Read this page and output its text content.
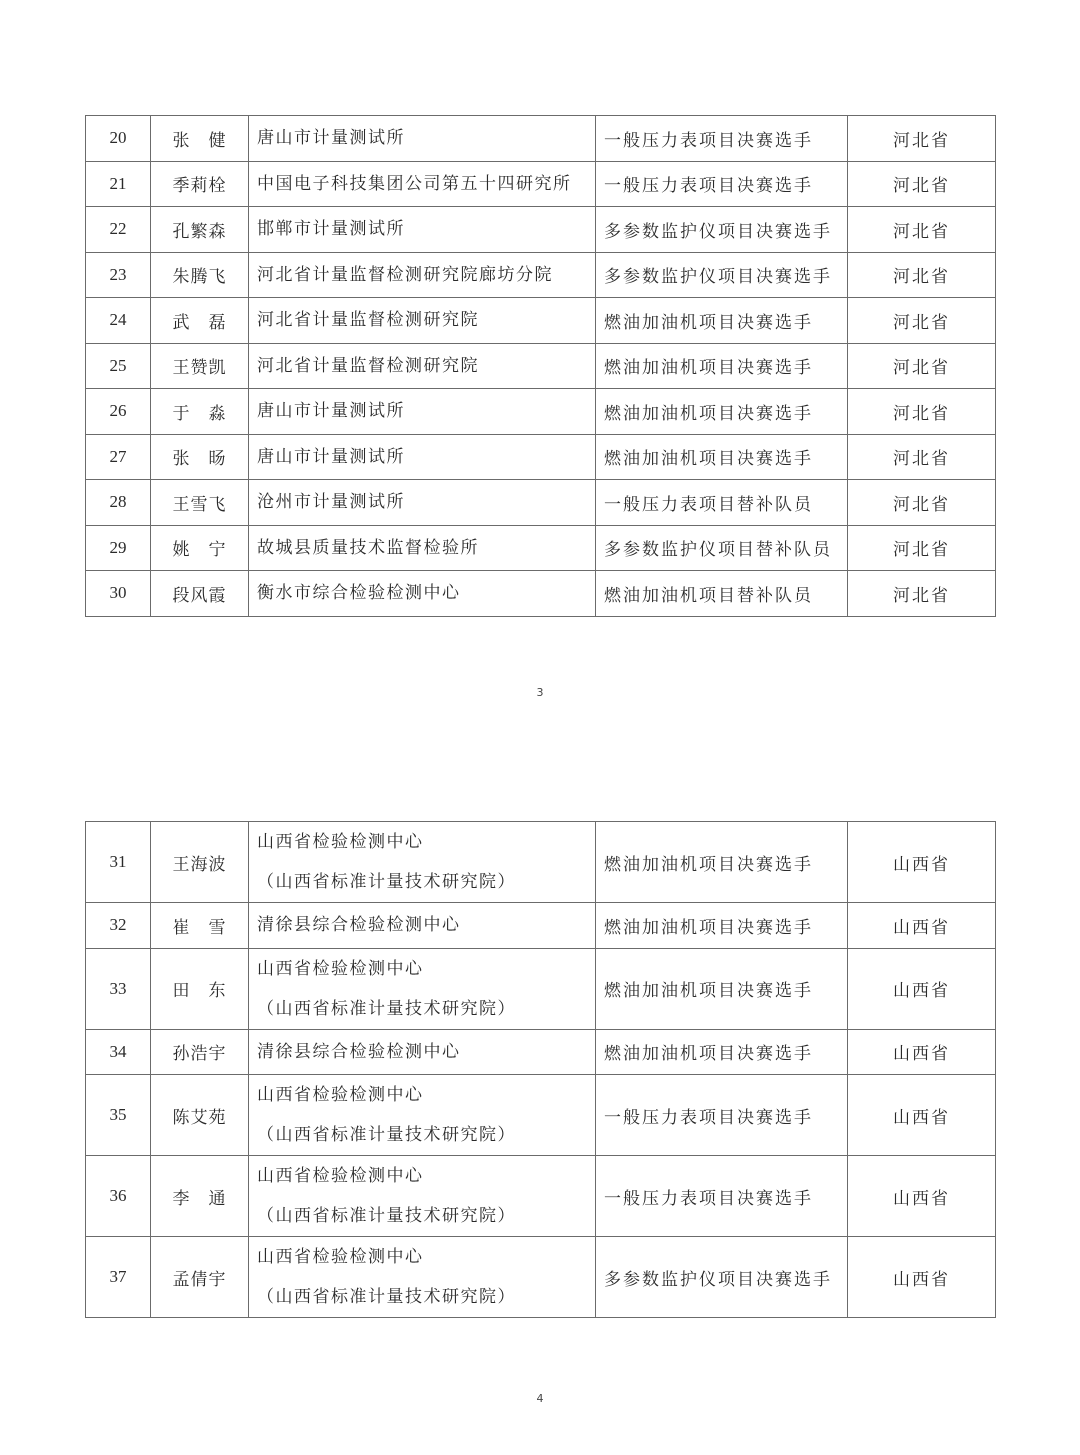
20	张　健	唐山市计量测试所	一般压力表项目决赛选手	河北省
21	季莉栓	中国电子科技集团公司第五十四研究所	一般压力表项目决赛选手	河北省
22	孔繁森	邯郸市计量测试所	多参数监护仪项目决赛选手	河北省
23	朱腾飞	河北省计量监督检测研究院廊坊分院	多参数监护仪项目决赛选手	河北省
24	武　磊	河北省计量监督检测研究院	燃油加油机项目决赛选手	河北省
25	王赞凯	河北省计量监督检测研究院	燃油加油机项目决赛选手	河北省
26	于　淼	唐山市计量测试所	燃油加油机项目决赛选手	河北省
27	张　旸	唐山市计量测试所	燃油加油机项目决赛选手	河北省
28	王雪飞	沧州市计量测试所	一般压力表项目替补队员	河北省
29	姚　宁	故城县质量技术监督检验所	多参数监护仪项目替补队员	河北省
30	段风霞	衡水市综合检验检测中心	燃油加油机项目替补队员	河北省
3
31	王海波	山西省检验检测中心
（山西省标准计量技术研究院）	燃油加油机项目决赛选手	山西省
32	崔　雪	清徐县综合检验检测中心	燃油加油机项目决赛选手	山西省
33	田　东	山西省检验检测中心
（山西省标准计量技术研究院）	燃油加油机项目决赛选手	山西省
34	孙浩宇	清徐县综合检验检测中心	燃油加油机项目决赛选手	山西省
35	陈艾苑	山西省检验检测中心
（山西省标准计量技术研究院）	一般压力表项目决赛选手	山西省
36	李　通	山西省检验检测中心
（山西省标准计量技术研究院）	一般压力表项目决赛选手	山西省
37	孟倩宇	山西省检验检测中心
（山西省标准计量技术研究院）	多参数监护仪项目决赛选手	山西省
4
